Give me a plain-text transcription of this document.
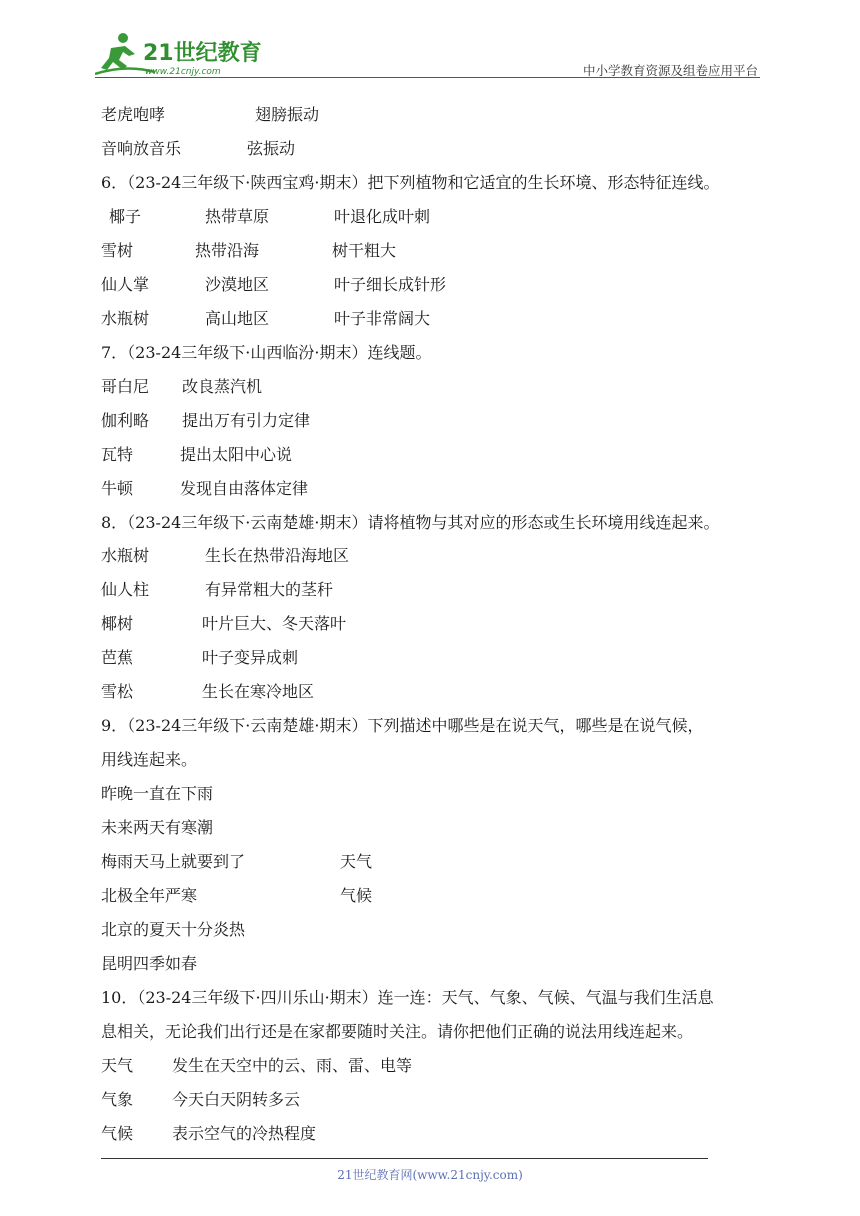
21世纪教育
www.21cnjy.com	中小学教育资源及组卷应用平台
老虎咆哮	翅膀振动
音响放音乐	弦振动
6．（23-24三年级下·陕西宝鸡·期末）把下列植物和它适宜的生长环境、形态特征连线。
椰子	热带草原	叶退化成叶刺
雪树	热带沿海	树干粗大
仙人掌	沙漠地区	叶子细长成针形
水瓶树	高山地区	叶子非常阔大
7．（23-24三年级下·山西临汾·期末）连线题。
哥白尼 改良蒸汽机
伽利略 提出万有引力定律
瓦特	提出太阳中心说
牛顿	发现自由落体定律
8．（23-24三年级下·云南楚雄·期末）请将植物与其对应的形态或生长环境用线连起来。
水瓶树	生长在热带沿海地区
仙人柱	有异常粗大的茎秆
椰树	叶片巨大、冬天落叶
芭蕉	叶子变异成刺
雪松	生长在寒冷地区
9．（23-24三年级下·云南楚雄·期末）下列描述中哪些是在说天气，哪些是在说气候，
用线连起来。
昨晚一直在下雨
未来两天有寒潮
梅雨天马上就要到了	天气
北极全年严寒	气候
北京的夏天十分炎热
昆明四季如春
10．（23-24三年级下·四川乐山·期末）连一连：天气、气象、气候、气温与我们生活息
息相关，无论我们出行还是在家都要随时关注。请你把他们正确的说法用线连起来。
天气 发生在天空中的云、雨、雷、电等
气象 今天白天阴转多云
气候 表示空气的冷热程度
21世纪教育网(www.21cnjy.com)
